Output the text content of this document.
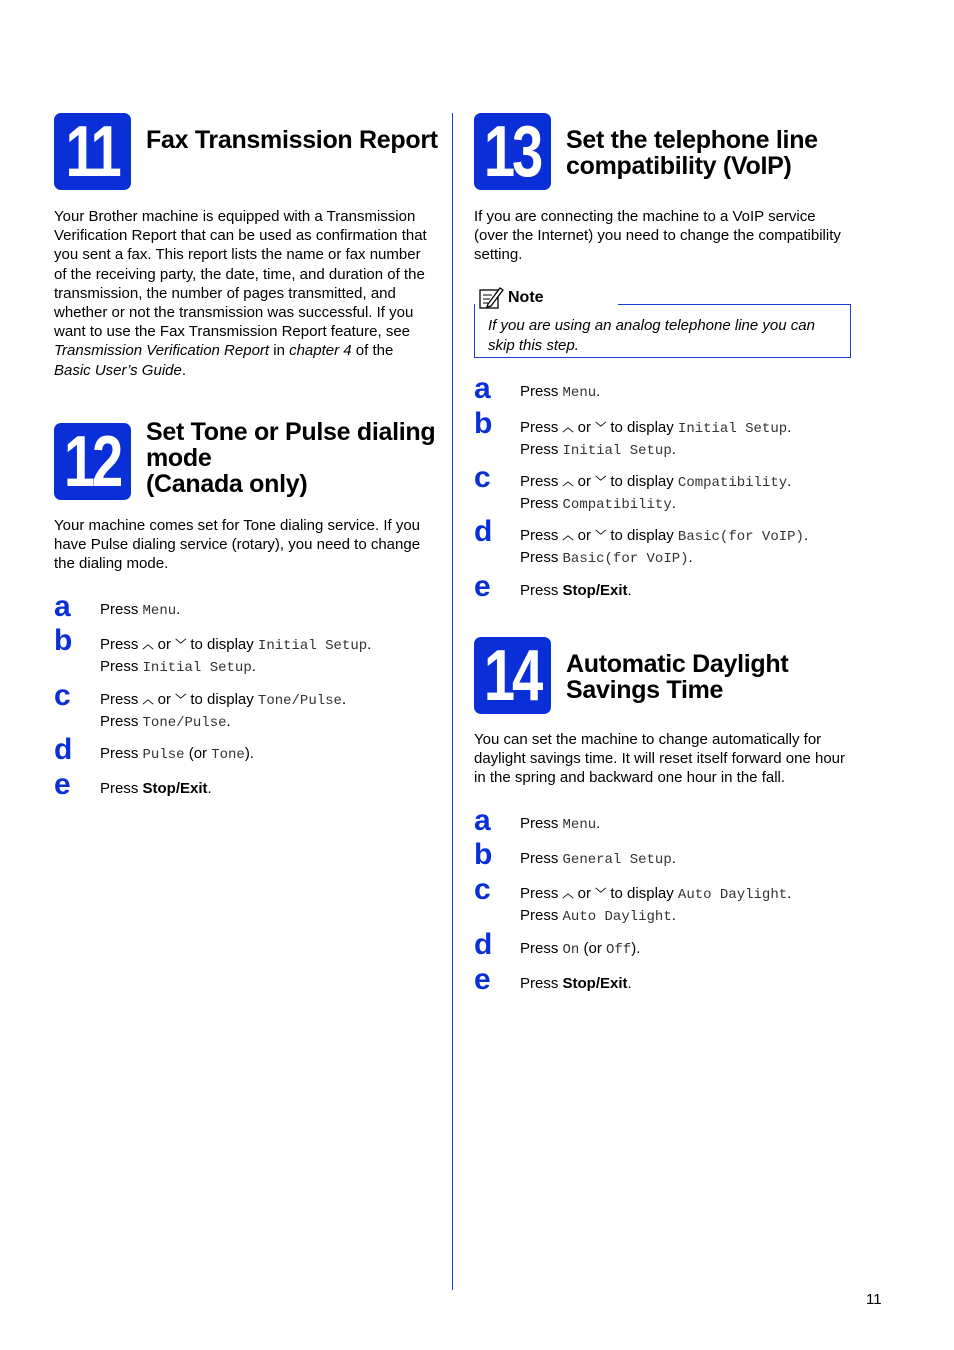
11 Fax Transmission Report
Your Brother machine is equipped with a Transmission Verification Report that can be used as confirmation that you sent a fax. This report lists the name or fax number of the receiving party, the date, time, and duration of the transmission, the number of pages transmitted, and whether or not the transmission was successful. If you want to use the Fax Transmission Report feature, see Transmission Verification Report in chapter 4 of the Basic User’s Guide.
12 Set Tone or Pulse dialing
mode
(Canada only)
Your machine comes set for Tone dialing service. If you have Pulse dialing service (rotary), you need to change the dialing mode.
a Press Menu.
b Press ︿ or ﹀ to display Initial Setup.
Press Initial Setup.
c Press ︿ or ﹀ to display Tone/Pulse.
Press Tone/Pulse.
d Press Pulse (or Tone).
e Press Stop/Exit.
13 Set the telephone line
compatibility (VoIP)
If you are connecting the machine to a VoIP service (over the Internet) you need to change the compatibility setting.
Note
If you are using an analog telephone line you can skip this step.
a Press Menu.
b Press ︿ or ﹀ to display Initial Setup.
Press Initial Setup.
c Press ︿ or ﹀ to display Compatibility.
Press Compatibility.
d Press ︿ or ﹀ to display Basic(for VoIP).
Press Basic(for VoIP).
e Press Stop/Exit.
14 Automatic Daylight
Savings Time
You can set the machine to change automatically for daylight savings time. It will reset itself forward one hour in the spring and backward one hour in the fall.
a Press Menu.
b Press General Setup.
c Press ︿ or ﹀ to display Auto Daylight.
Press Auto Daylight.
d Press On (or Off).
e Press Stop/Exit.
11
